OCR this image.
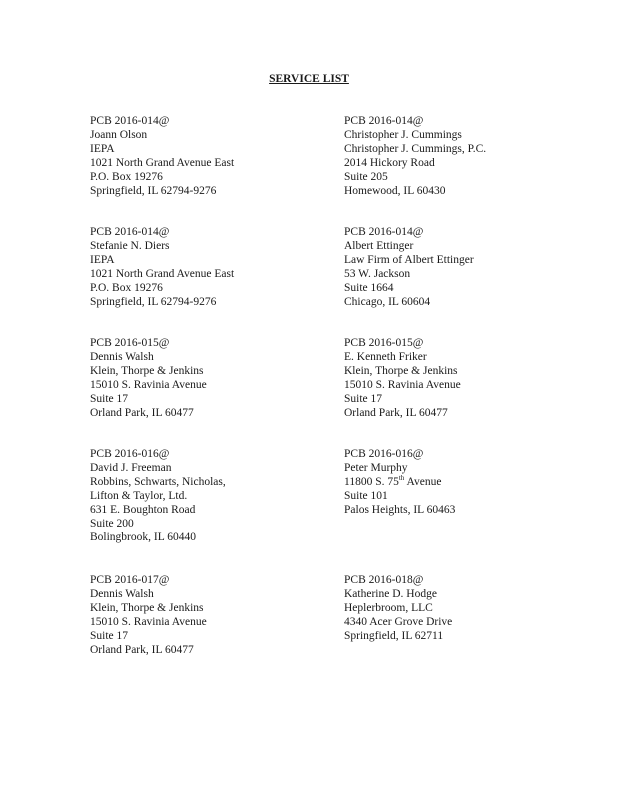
SERVICE LIST
PCB 2016-014@
Joann Olson
IEPA
1021 North Grand Avenue East
P.O. Box 19276
Springfield, IL 62794-9276
PCB 2016-014@
Christopher J. Cummings
Christopher J. Cummings, P.C.
2014 Hickory Road
Suite 205
Homewood, IL 60430
PCB 2016-014@
Stefanie N. Diers
IEPA
1021 North Grand Avenue East
P.O. Box 19276
Springfield, IL 62794-9276
PCB 2016-014@
Albert Ettinger
Law Firm of Albert Ettinger
53 W. Jackson
Suite 1664
Chicago, IL 60604
PCB 2016-015@
Dennis Walsh
Klein, Thorpe & Jenkins
15010 S. Ravinia Avenue
Suite 17
Orland Park, IL 60477
PCB 2016-015@
E. Kenneth Friker
Klein, Thorpe & Jenkins
15010 S. Ravinia Avenue
Suite 17
Orland Park, IL 60477
PCB 2016-016@
David J. Freeman
Robbins, Schwarts, Nicholas,
Lifton & Taylor, Ltd.
631 E. Boughton Road
Suite 200
Bolingbrook, IL 60440
PCB 2016-016@
Peter Murphy
11800 S. 75th Avenue
Suite 101
Palos Heights, IL 60463
PCB 2016-017@
Dennis Walsh
Klein, Thorpe & Jenkins
15010 S. Ravinia Avenue
Suite 17
Orland Park, IL 60477
PCB 2016-018@
Katherine D. Hodge
Heplerbroom, LLC
4340 Acer Grove Drive
Springfield, IL 62711
